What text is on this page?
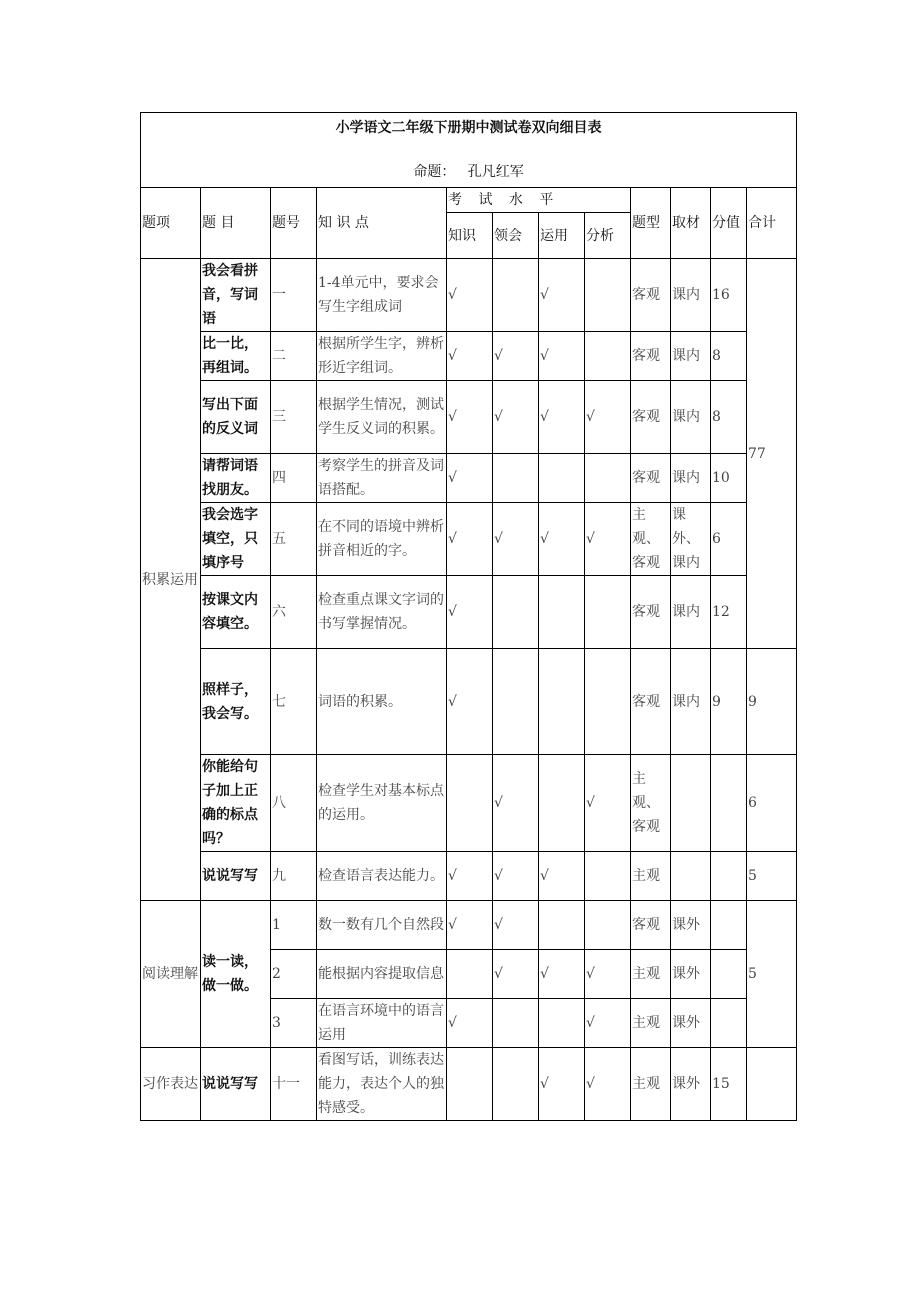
小学语文二年级下册期中测试卷双向细目表
命题： 孔凡红军											

题项	题 目	题号	知 识 点	考 试 水 平				题型	取材	分值	合计
				知识	领会	运用	分析				
积累运用	我会看拼音，写词语	一	1-4单元中，要求会写生字组成词	√		√		客观	课内	16	77
	比一比，再组词。	二	根据所学生字，辨析形近字组词。	√	√	√		客观	课内	8	
	写出下面的反义词	三	根据学生情况，测试学生反义词的积累。	√	√	√	√	客观	课内	8	
	请帮词语找朋友。	四	考察学生的拼音及词语搭配。	√				客观	课内	10	
	我会选字填空，只填序号	五	在不同的语境中辨析拼音相近的字。	√	√	√	√	主观、客观	课外、课内	6	
	按课文内容填空。	六	检查重点课文字词的书写掌握情况。	√				客观	课内	12	
	照样子，我会写。	七	词语的积累。	√				客观	课内	9	9
	你能给句子加上正确的标点吗？	八	检查学生对基本标点的运用。		√		√	主观、客观			6
	说说写写	九	检查语言表达能力。	√	√	√		主观			5
阅读理解	读一读，做一做。	1	数一数有几个自然段	√	√			客观	课外		5
		2	能根据内容提取信息		√	√	√	主观	课外		
		3	在语言环境中的语言运用	√			√	主观	课外		
习作表达	说说写写	十一	看图写话，训练表达能力，表达个人的独特感受。			√	√	主观	课外	15	
